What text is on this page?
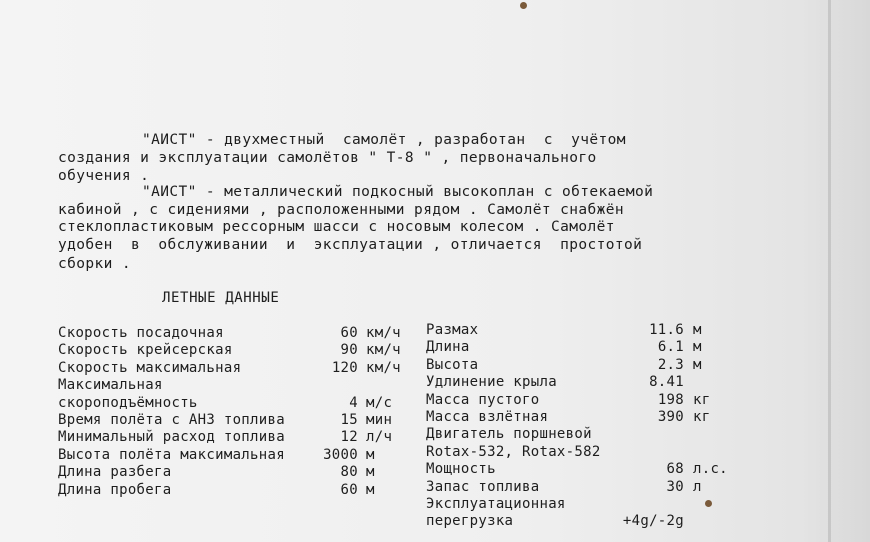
"АИСТ" - двухместный  самолёт , разработан  с  учётом
создания и эксплуатации самолётов " Т-8 " , первоначального
обучения .
"АИСТ" - металлический подкосный высокоплан с обтекаемой
кабиной , с сидениями , расположенными рядом . Самолёт снабжён
стеклопластиковым рессорным шасси с носовым колесом . Самолёт
удобен  в  обслуживании  и  эксплуатации , отличается  простотой
сборки .
ЛЕТНЫЕ ДАННЫЕ
Скорость посадочная	60 км/ч
Скорость крейсерская	90 км/ч
Скорость максимальная	120 км/ч
Максимальная
скороподъёмность	4 м/с
Время полёта с АНЗ топлива	15 мин
Минимальный расход топлива	12 л/ч
Высота полёта максимальная	3000 м
Длина разбега	80 м
Длина пробега	60 м
Размах	11.6 м
Длина	6.1 м
Высота	2.3 м
Удлинение крыла	8.41
Масса пустого	198 кг
Масса взлётная	390 кг
Двигатель поршневой
Rotax-532, Rotax-582
Мощность	68 л.с.
Запас топлива	30 л
Эксплуатационная
перегрузка	+4g/-2g
